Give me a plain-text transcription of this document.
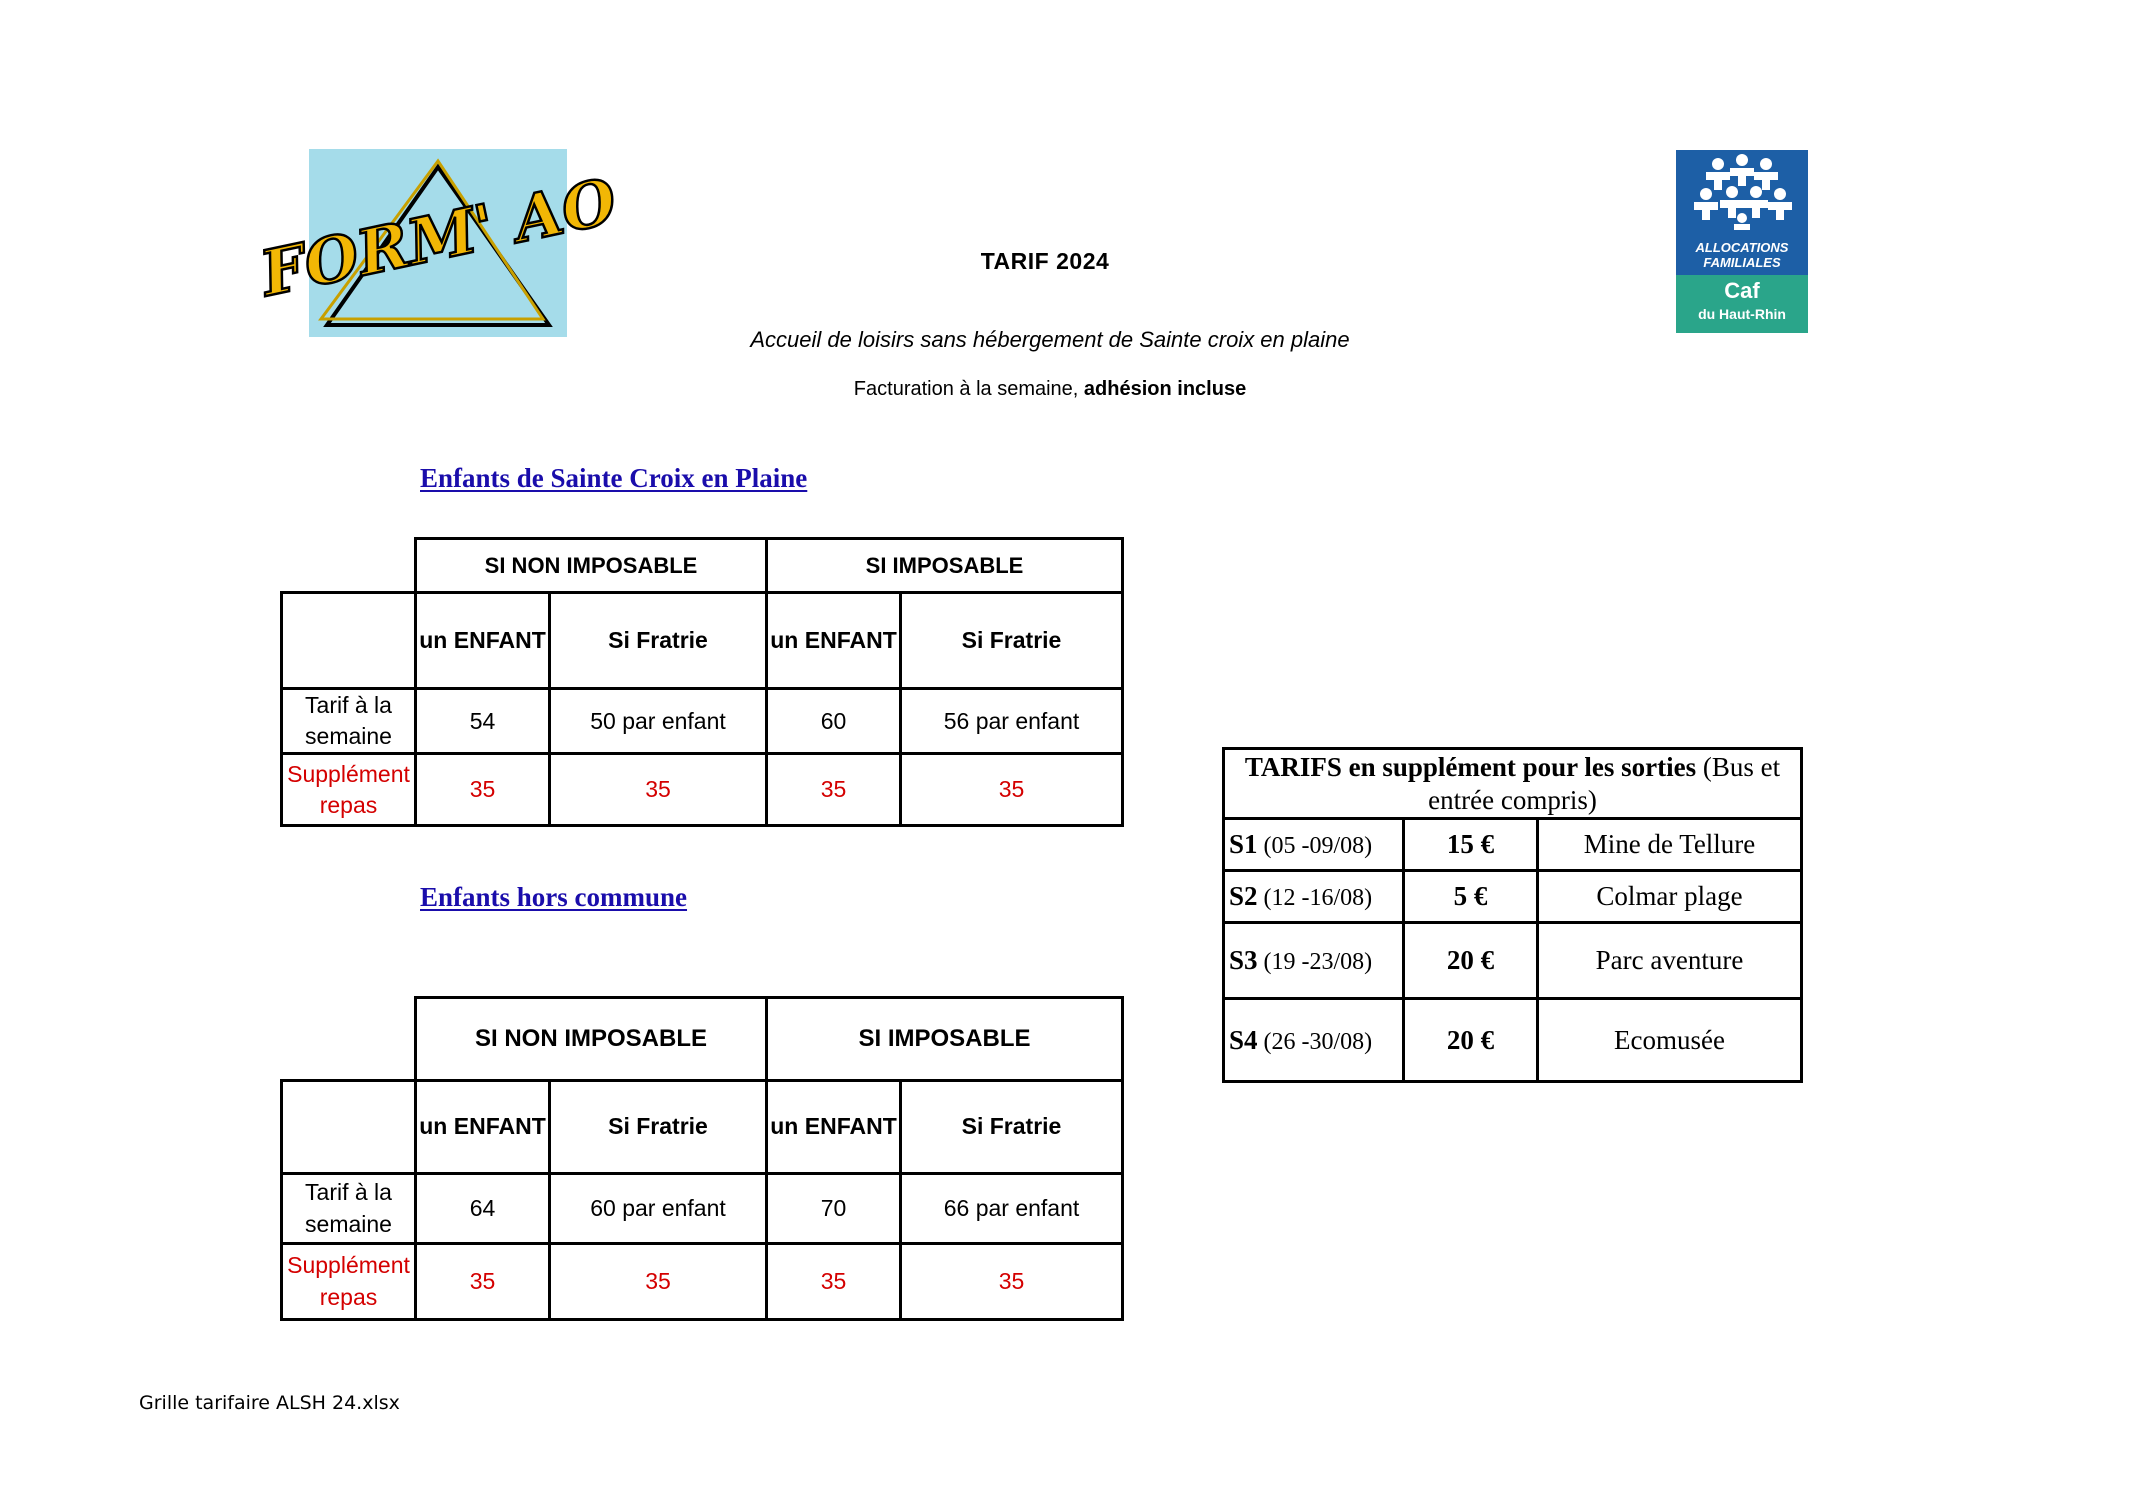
FORM' AO	ALLOCATIONS
FAMILIALES
Caf
du Haut-Rhin
TARIF 2024
Accueil de loisirs sans hébergement de Sainte croix en plaine
Facturation à la semaine, adhésion incluse
Enfants de Sainte Croix en Plaine
	SI NON IMPOSABLE		SI IMPOSABLE	
	un ENFANT	Si Fratrie	un ENFANT	Si Fratrie
Tarif à la semaine	54	50 par enfant	60	56 par enfant
Supplément repas	35	35	35	35
Enfants hors commune
	SI NON IMPOSABLE		SI IMPOSABLE	
	un ENFANT	Si Fratrie	un ENFANT	Si Fratrie
Tarif à la semaine	64	60 par enfant	70	66 par enfant
Supplément repas	35	35	35	35
TARIFS en supplément pour les sorties (Bus et entrée compris)		
S1 (05 -09/08)	15 €	Mine de Tellure
S2 (12 -16/08)	5 €	Colmar plage
S3 (19 -23/08)	20 €	Parc aventure
S4 (26 -30/08)	20 €	Ecomusée
Grille tarifaire ALSH 24.xlsx
